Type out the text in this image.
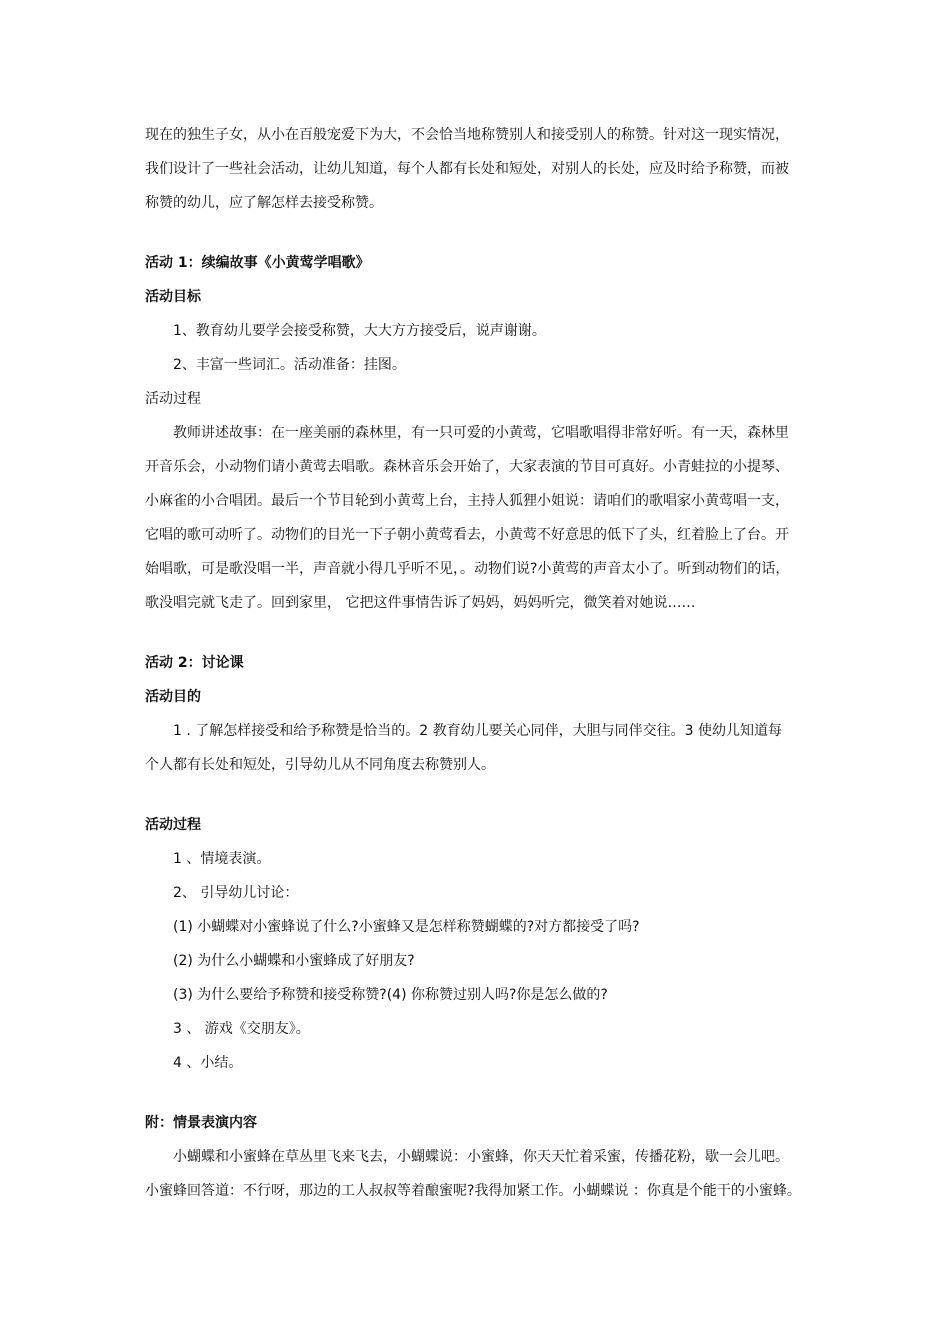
现在的独生子女，从小在百般宠爱下为大，不会恰当地称赞别人和接受别人的称赞。针对这一现实情况，

我们设计了一些社会活动，让幼儿知道，每个人都有长处和短处，对别人的长处，应及时给予称赞，而被

称赞的幼儿，应了解怎样去接受称赞。

活动 1：续编故事《小黄莺学唱歌》

活动目标

1、教育幼儿要学会接受称赞，大大方方接受后，说声谢谢。

2、丰富一些词汇。活动准备：挂图。

活动过程

教师讲述故事：在一座美丽的森林里，有一只可爱的小黄莺，它唱歌唱得非常好听。有一天，森林里

开音乐会，小动物们请小黄莺去唱歌。森林音乐会开始了，大家表演的节目可真好。小青蛙拉的小提琴、

小麻雀的小合唱团。最后一个节目轮到小黄莺上台，主持人狐狸小姐说：请咱们的歌唱家小黄莺唱一支，

它唱的歌可动听了。动物们的目光一下子朝小黄莺看去，小黄莺不好意思的低下了头，红着脸上了台。开

始唱歌，可是歌没唱一半，声音就小得几乎听不见，。动物们说?小黄莺的声音太小了。听到动物们的话，

歌没唱完就飞走了。回到家里， 它把这件事情告诉了妈妈，妈妈听完，微笑着对她说……

活动 2：讨论课

活动目的

1 . 了解怎样接受和给予称赞是恰当的。2 教育幼儿要关心同伴，大胆与同伴交往。3 使幼儿知道每

个人都有长处和短处，引导幼儿从不同角度去称赞别人。

活动过程

1 、情境表演。

2、 引导幼儿讨论：

(1) 小蝴蝶对小蜜蜂说了什么?小蜜蜂又是怎样称赞蝴蝶的?对方都接受了吗?

(2) 为什么小蝴蝶和小蜜蜂成了好朋友?

(3) 为什么要给予称赞和接受称赞?(4) 你称赞过别人吗?你是怎么做的?

3 、 游戏《交朋友》。

4 、小结。

附：情景表演内容

小蝴蝶和小蜜蜂在草丛里飞来飞去，小蝴蝶说：小蜜蜂，你天天忙着采蜜，传播花粉，歇一会儿吧。

小蜜蜂回答道：不行呀，那边的工人叔叔等着酿蜜呢?我得加紧工作。小蝴蝶说 ：你真是个能干的小蜜蜂。
